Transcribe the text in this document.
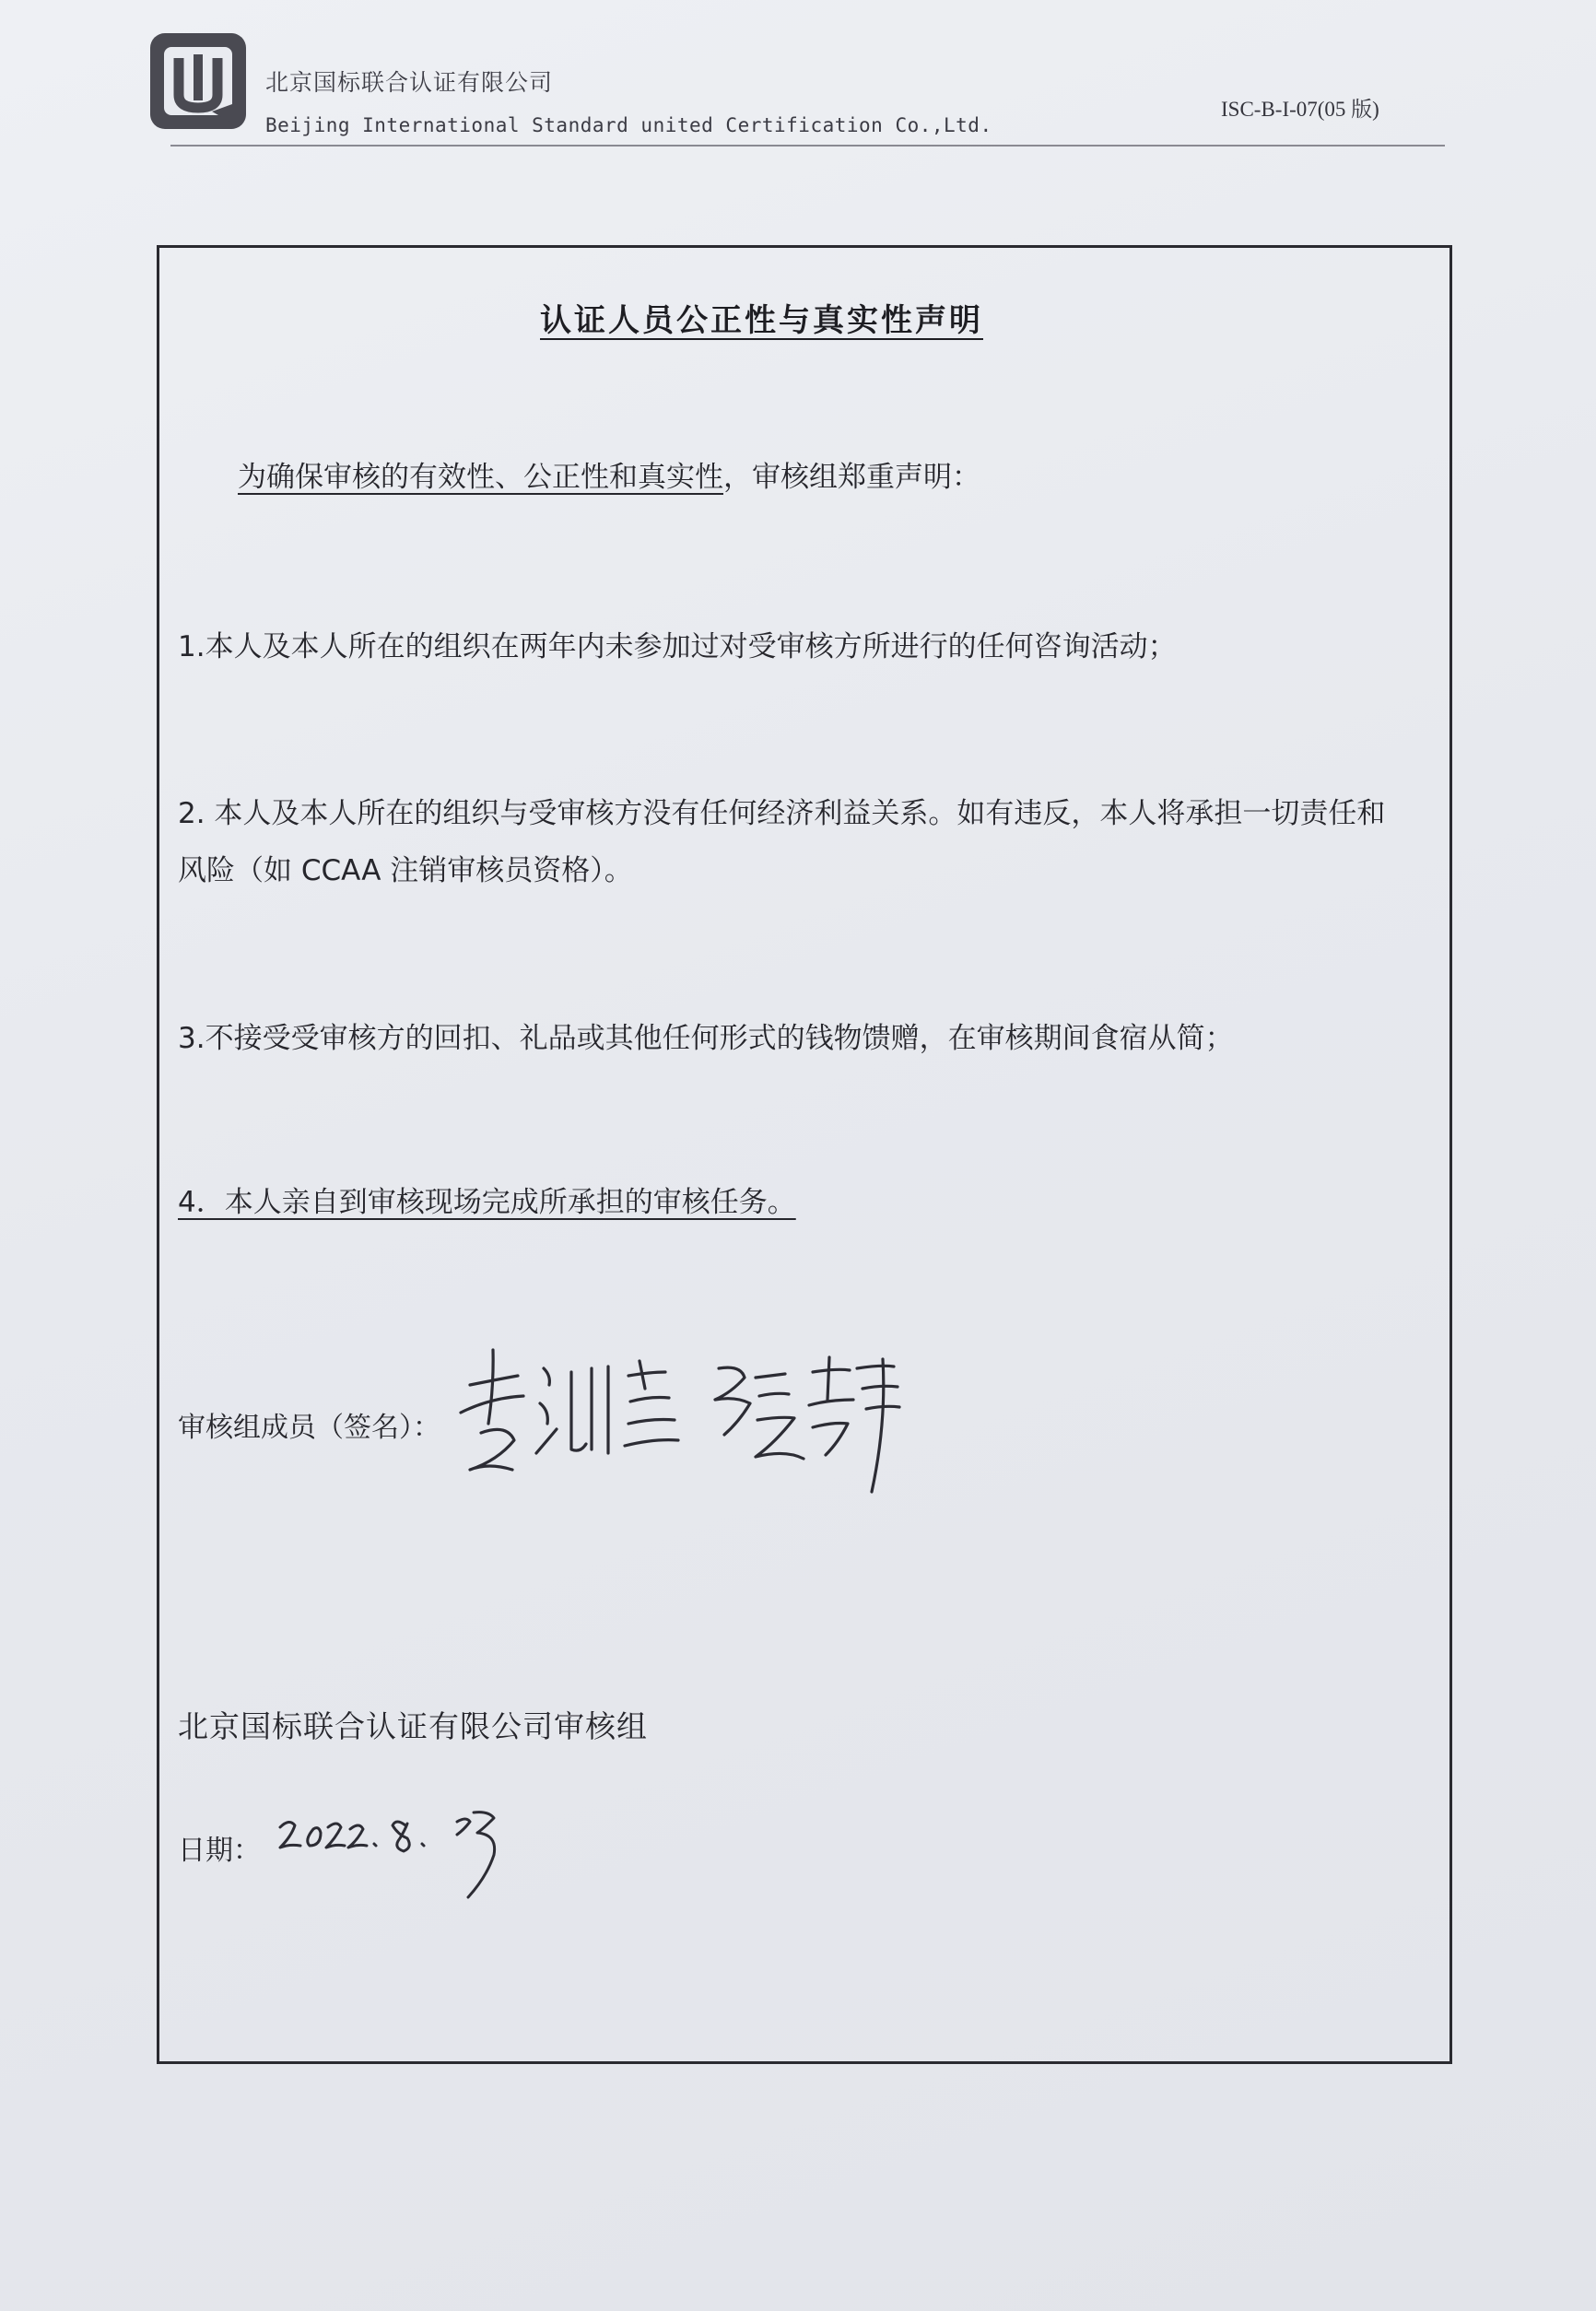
北京国标联合认证有限公司
Beijing International Standard united Certification Co.,Ltd.
ISC-B-I-07(05 版)
认证人员公正性与真实性声明
为确保审核的有效性、公正性和真实性，审核组郑重声明：
1.本人及本人所在的组织在两年内未参加过对受审核方所进行的任何咨询活动；
2. 本人及本人所在的组织与受审核方没有任何经济利益关系。如有违反，本人将承担一切责任和
风险（如 CCAA 注销审核员资格）。
3.不接受受审核方的回扣、礼品或其他任何形式的钱物馈赠，在审核期间食宿从简；
4．本人亲自到审核现场完成所承担的审核任务。
审核组成员（签名）：
北京国标联合认证有限公司审核组
日期：
